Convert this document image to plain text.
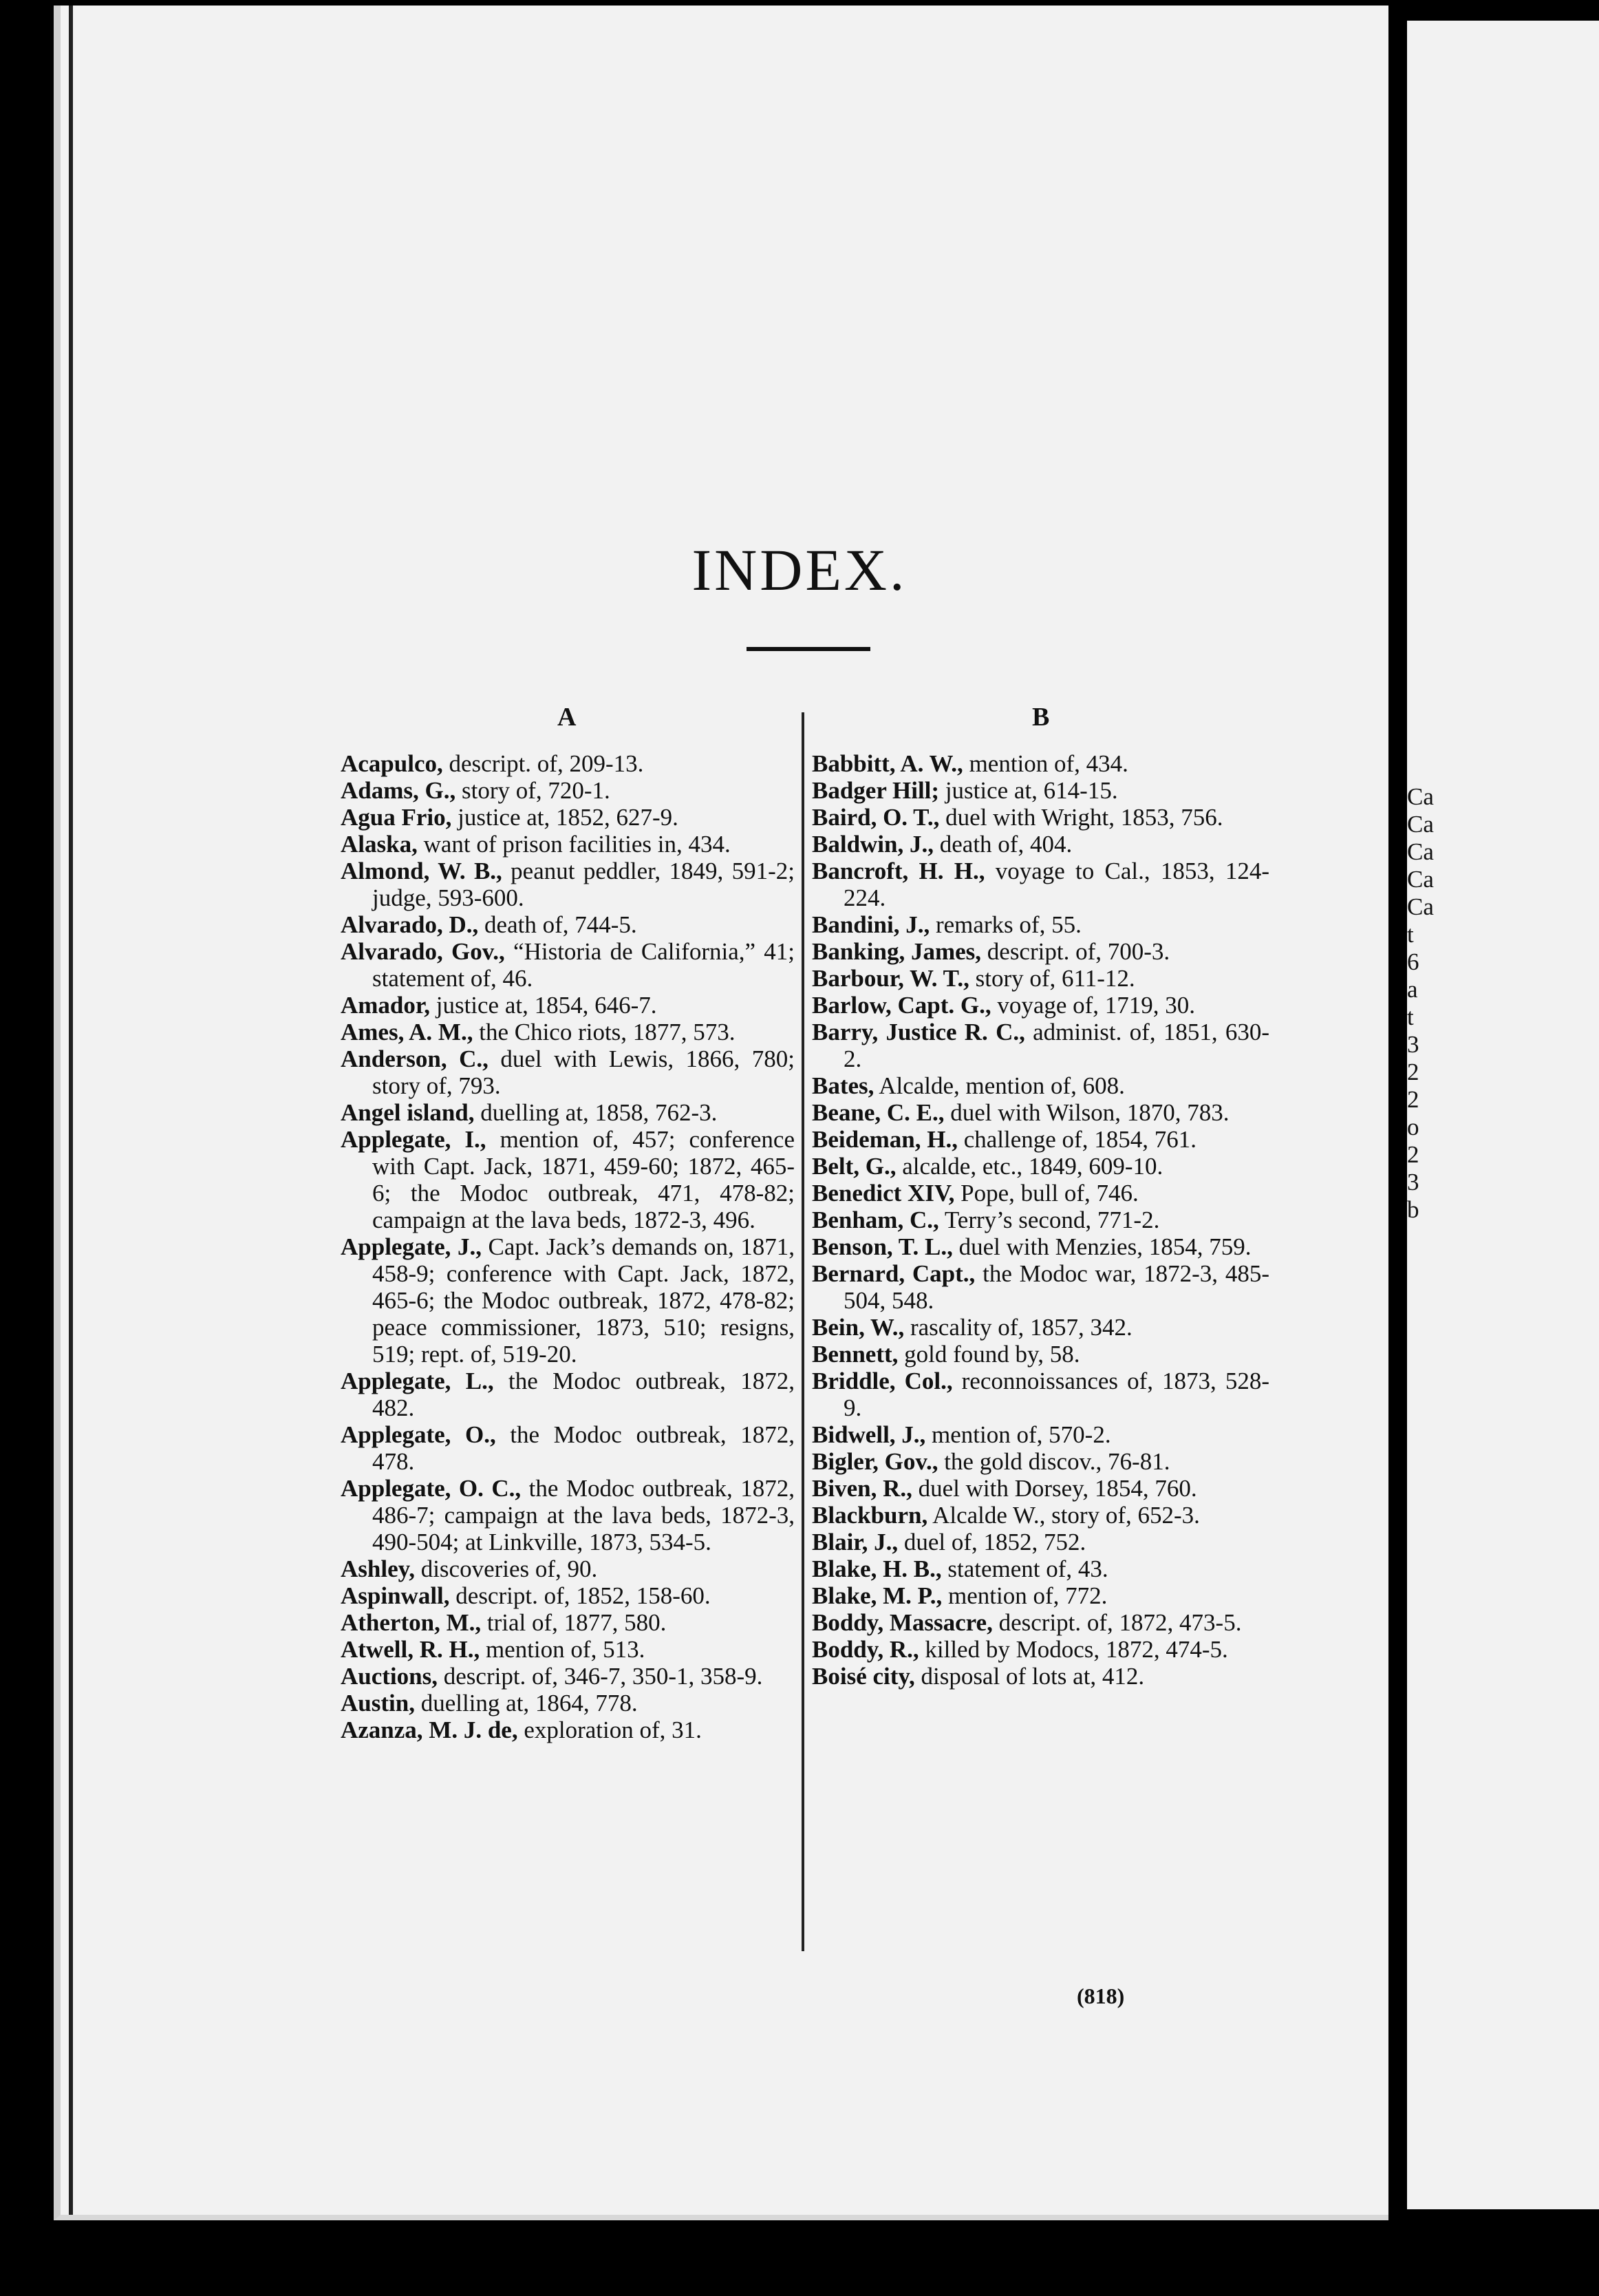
INDEX.
A	B

Acapulco, descript. of, 209-13.

Adams, G., story of, 720-1.

Agua Frio, justice at, 1852, 627-9.

Alaska, want of prison facilities in, 434.

Almond, W. B., peanut peddler, 1849, 591-2; judge, 593-600.

Alvarado, D., death of, 744-5.

Alvarado, Gov., “Historia de California,” 41; statement of, 46.

Amador, justice at, 1854, 646-7.

Ames, A. M., the Chico riots, 1877, 573.

Anderson, C., duel with Lewis, 1866, 780; story of, 793.

Angel island, duelling at, 1858, 762-3.

Applegate, I., mention of, 457; conference with Capt. Jack, 1871, 459-60; 1872, 465-6; the Modoc outbreak, 471, 478-82; campaign at the lava beds, 1872-3, 496.

Applegate, J., Capt. Jack’s demands on, 1871, 458-9; conference with Capt. Jack, 1872, 465-6; the Modoc outbreak, 1872, 478-82; peace commissioner, 1873, 510; resigns, 519; rept. of, 519-20.

Applegate, L., the Modoc outbreak, 1872, 482.

Applegate, O., the Modoc outbreak, 1872, 478.

Applegate, O. C., the Modoc outbreak, 1872, 486-7; campaign at the lava beds, 1872-3, 490-504; at Linkville, 1873, 534-5.

Ashley, discoveries of, 90.

Aspinwall, descript. of, 1852, 158-60.

Atherton, M., trial of, 1877, 580.

Atwell, R. H., mention of, 513.

Auctions, descript. of, 346-7, 350-1, 358-9.

Austin, duelling at, 1864, 778.

Azanza, M. J. de, exploration of, 31.

Babbitt, A. W., mention of, 434.

Badger Hill; justice at, 614-15.

Baird, O. T., duel with Wright, 1853, 756.

Baldwin, J., death of, 404.

Bancroft, H. H., voyage to Cal., 1853, 124-224.

Bandini, J., remarks of, 55.

Banking, James, descript. of, 700-3.

Barbour, W. T., story of, 611-12.

Barlow, Capt. G., voyage of, 1719, 30.

Barry, Justice R. C., administ. of, 1851, 630-2.

Bates, Alcalde, mention of, 608.

Beane, C. E., duel with Wilson, 1870, 783.

Beideman, H., challenge of, 1854, 761.

Belt, G., alcalde, etc., 1849, 609-10.

Benedict XIV, Pope, bull of, 746.

Benham, C., Terry’s second, 771-2.

Benson, T. L., duel with Menzies, 1854, 759.

Bernard, Capt., the Modoc war, 1872-3, 485-504, 548.

Bein, W., rascality of, 1857, 342.

Bennett, gold found by, 58.

Briddle, Col., reconnoissances of, 1873, 528-9.

Bidwell, J., mention of, 570-2.

Bigler, Gov., the gold discov., 76-81.

Biven, R., duel with Dorsey, 1854, 760.

Blackburn, Alcalde W., story of, 652-3.

Blair, J., duel of, 1852, 752.

Blake, H. B., statement of, 43.

Blake, M. P., mention of, 772.

Boddy, Massacre, descript. of, 1872, 473-5.

Boddy, R., killed by Modocs, 1872, 474-5.

Boisé city, disposal of lots at, 412.

(818)
Ca
Ca
Ca
Ca
Ca
t
6
a
t
3
2
2
o
2
3
b
